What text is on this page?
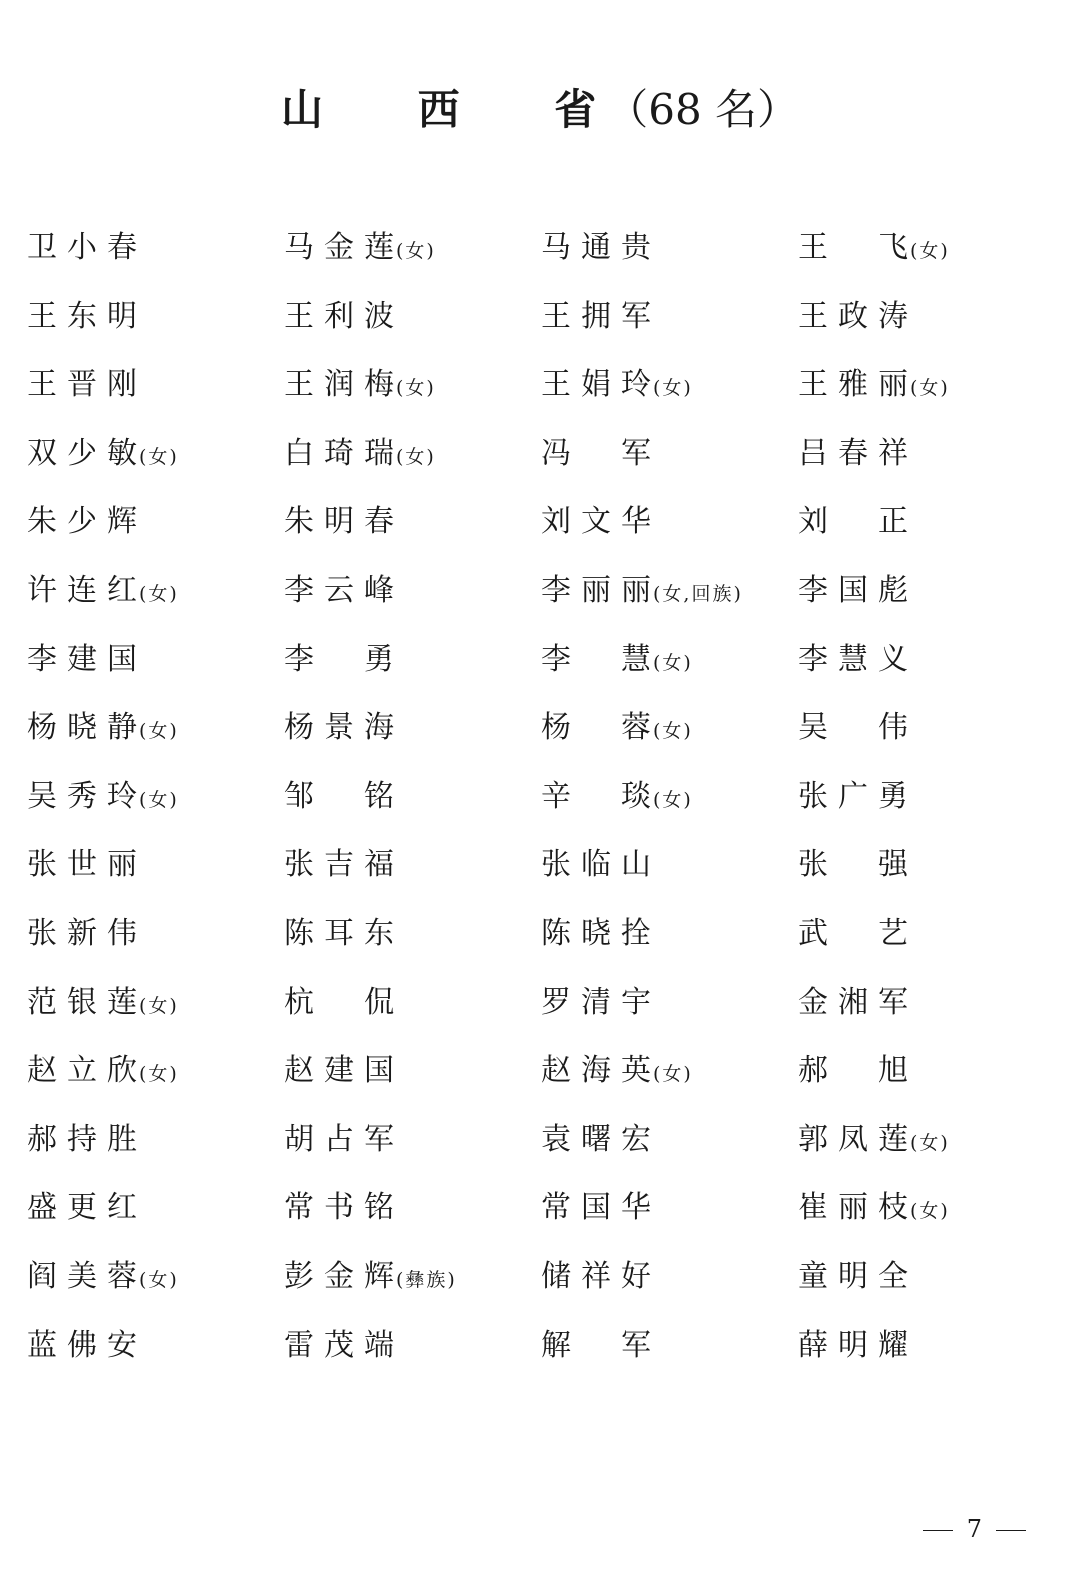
山 西 省（68 名）
卫小春	马金莲(女)	马通贵	王　飞(女)
王东明	王利波	王拥军	王政涛
王晋刚	王润梅(女)	王娟玲(女)	王雅丽(女)
双少敏(女)	白琦瑞(女)	冯　军	吕春祥
朱少辉	朱明春	刘文华	刘　正
许连红(女)	李云峰	李丽丽(女,回族)	李国彪
李建国	李　勇	李　慧(女)	李慧义
杨晓静(女)	杨景海	杨　蓉(女)	吴　伟
吴秀玲(女)	邹　铭	辛　琰(女)	张广勇
张世丽	张吉福	张临山	张　强
张新伟	陈耳东	陈晓拴	武　艺
范银莲(女)	杭　侃	罗清宇	金湘军
赵立欣(女)	赵建国	赵海英(女)	郝　旭
郝持胜	胡占军	袁曙宏	郭凤莲(女)
盛更红	常书铭	常国华	崔丽枝(女)
阎美蓉(女)	彭金辉(彝族)	储祥好	童明全
蓝佛安	雷茂端	解　军	薛明耀
7
